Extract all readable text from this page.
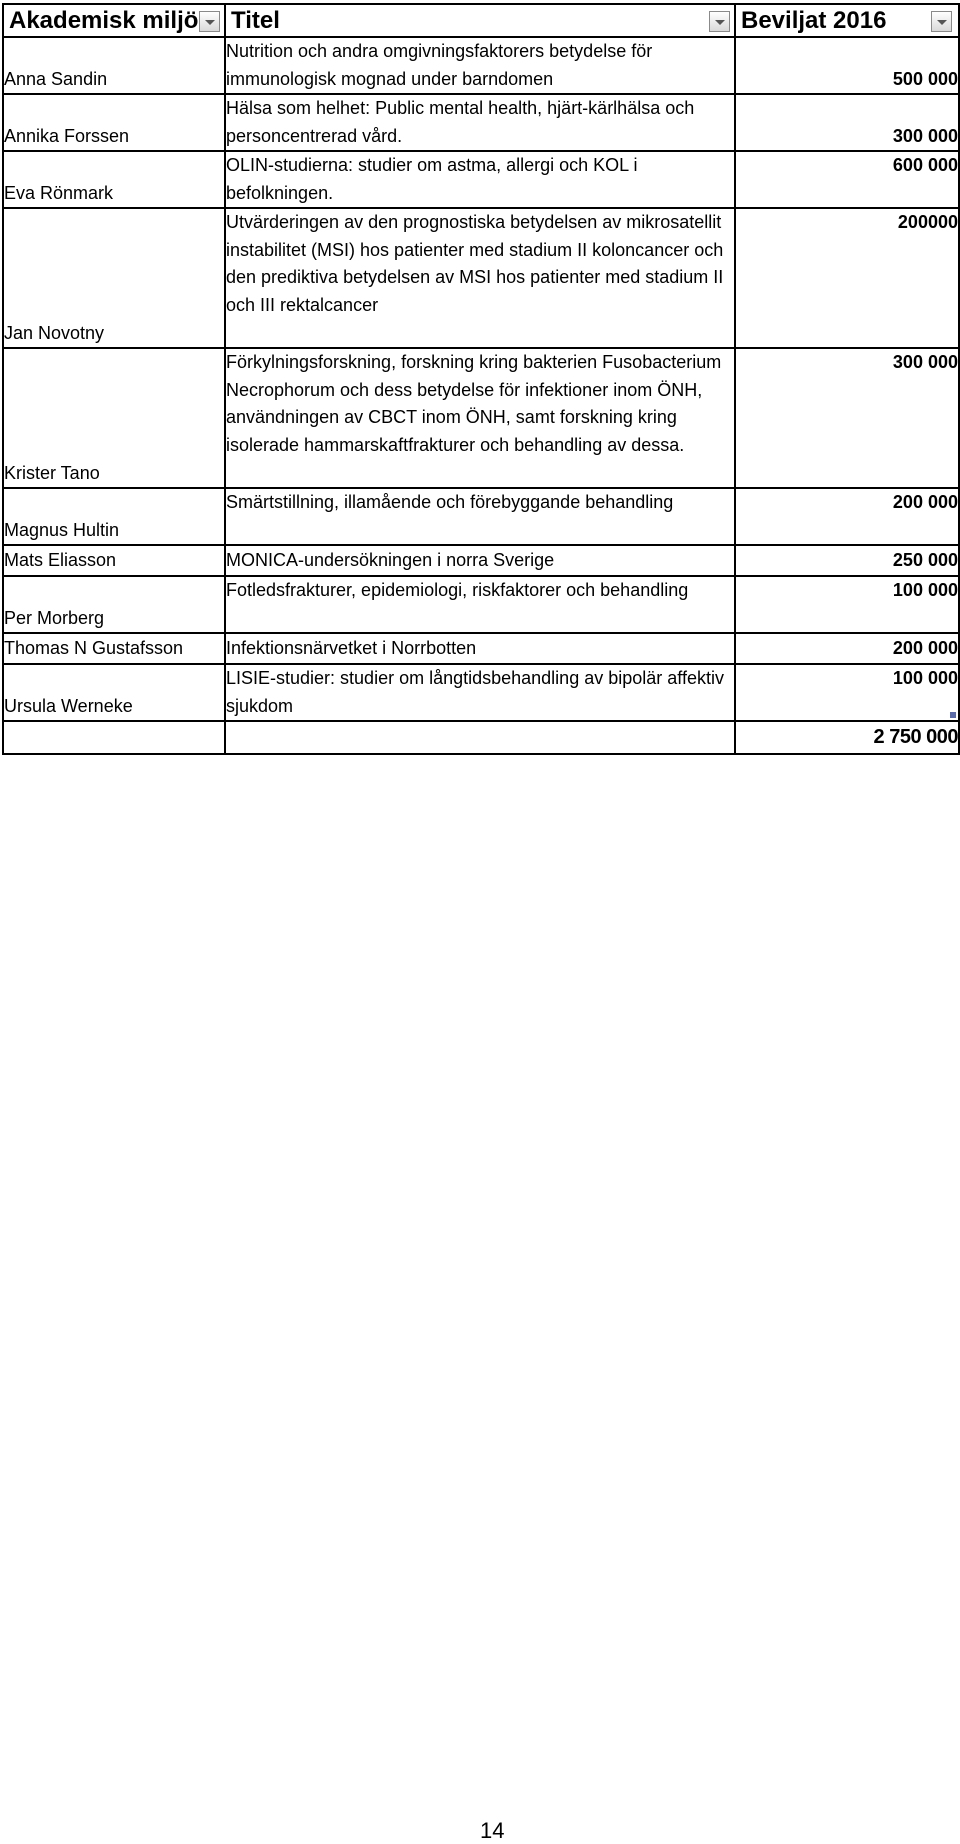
Akademisk miljö	Titel	Beviljat 2016

Anna Sandin	Nutrition och andra omgivningsfaktorers betydelse för immunologisk mognad under barndomen	500 000
Annika Forssen	Hälsa som helhet: Public mental health, hjärt-kärlhälsa och personcentrerad vård.	300 000
Eva Rönmark	OLIN-studierna: studier om astma, allergi och KOL i befolkningen.	600 000
Jan Novotny	Utvärderingen av den prognostiska betydelsen av mikrosatellit instabilitet (MSI) hos patienter med stadium II koloncancer och den prediktiva betydelsen av MSI hos patienter med stadium II och III rektalcancer	200000
Krister Tano	Förkylningsforskning, forskning kring bakterien Fusobacterium Necrophorum och dess betydelse för infektioner inom ÖNH, användningen av CBCT inom ÖNH, samt forskning kring isolerade hammarskaftfrakturer och behandling av dessa.	300 000
Magnus Hultin	Smärtstillning, illamående och förebyggande behandling	200 000
Mats Eliasson	MONICA-undersökningen i norra Sverige	250 000
Per Morberg	Fotledsfrakturer, epidemiologi, riskfaktorer och behandling	100 000
Thomas N Gustafsson	Infektionsnärvetket i Norrbotten	200 000
Ursula Werneke	LISIE-studier: studier om långtidsbehandling av bipolär affektiv sjukdom	100 000

		2 750 000
14
